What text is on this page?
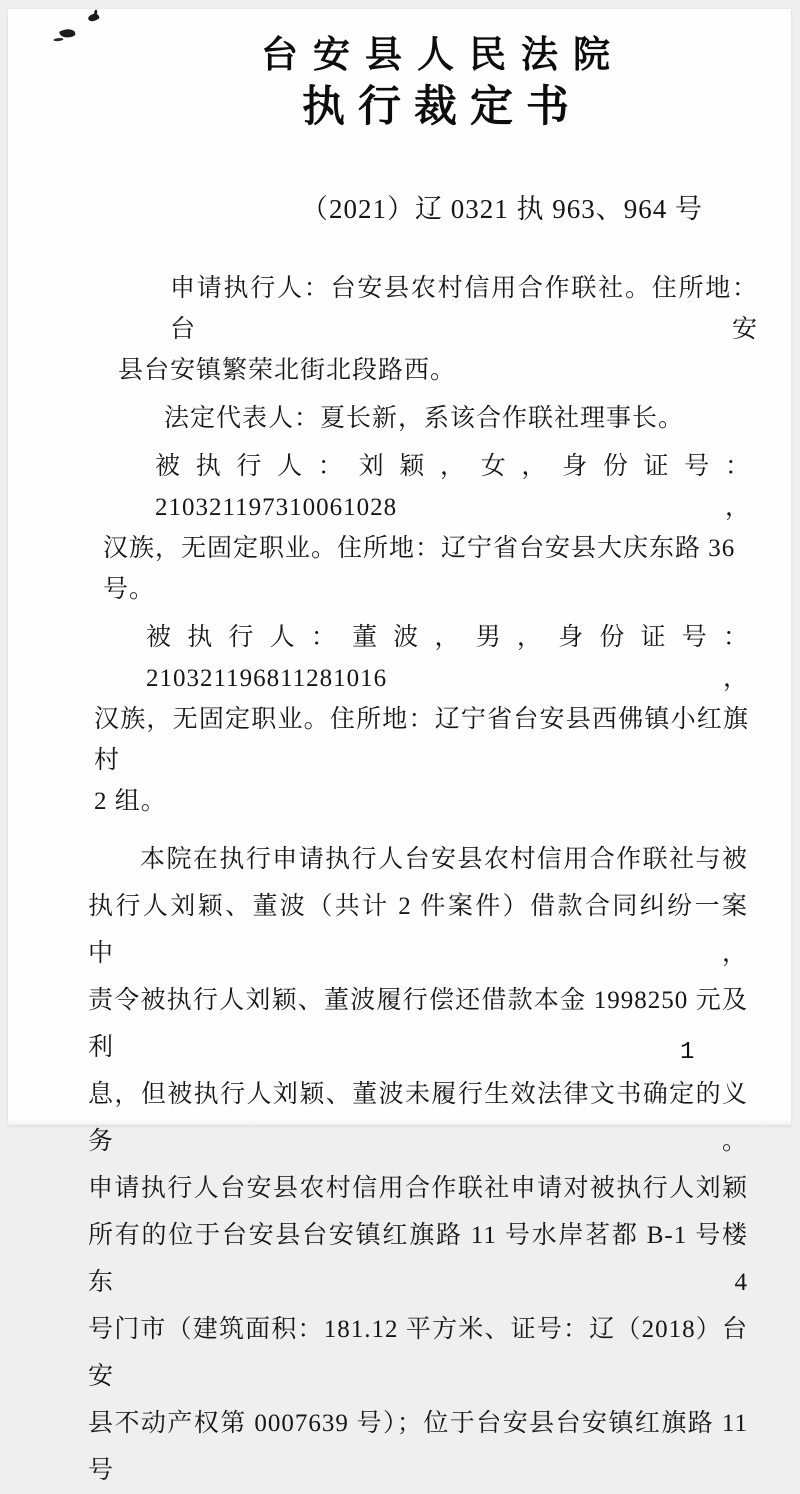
台安县人民法院
执行裁定书
（2021）辽 0321 执 963、964 号
申请执行人：台安县农村信用合作联社。住所地：台安
县台安镇繁荣北街北段路西。
法定代表人：夏长新，系该合作联社理事长。
被执行人：刘颖，女，身份证号：210321197310061028，
汉族，无固定职业。住所地：辽宁省台安县大庆东路 36 号。
被执行人：董波，男，身份证号：210321196811281016，
汉族，无固定职业。住所地：辽宁省台安县西佛镇小红旗村
2 组。
本院在执行申请执行人台安县农村信用合作联社与被
执行人刘颖、董波（共计 2 件案件）借款合同纠纷一案中，
责令被执行人刘颖、董波履行偿还借款本金 1998250 元及利
息，但被执行人刘颖、董波未履行生效法律文书确定的义务。
申请执行人台安县农村信用合作联社申请对被执行人刘颖
所有的位于台安县台安镇红旗路 11 号水岸茗都 B-1 号楼东 4
号门市（建筑面积：181.12 平方米、证号：辽（2018）台安
县不动产权第 0007639 号）；位于台安县台安镇红旗路 11 号
1
